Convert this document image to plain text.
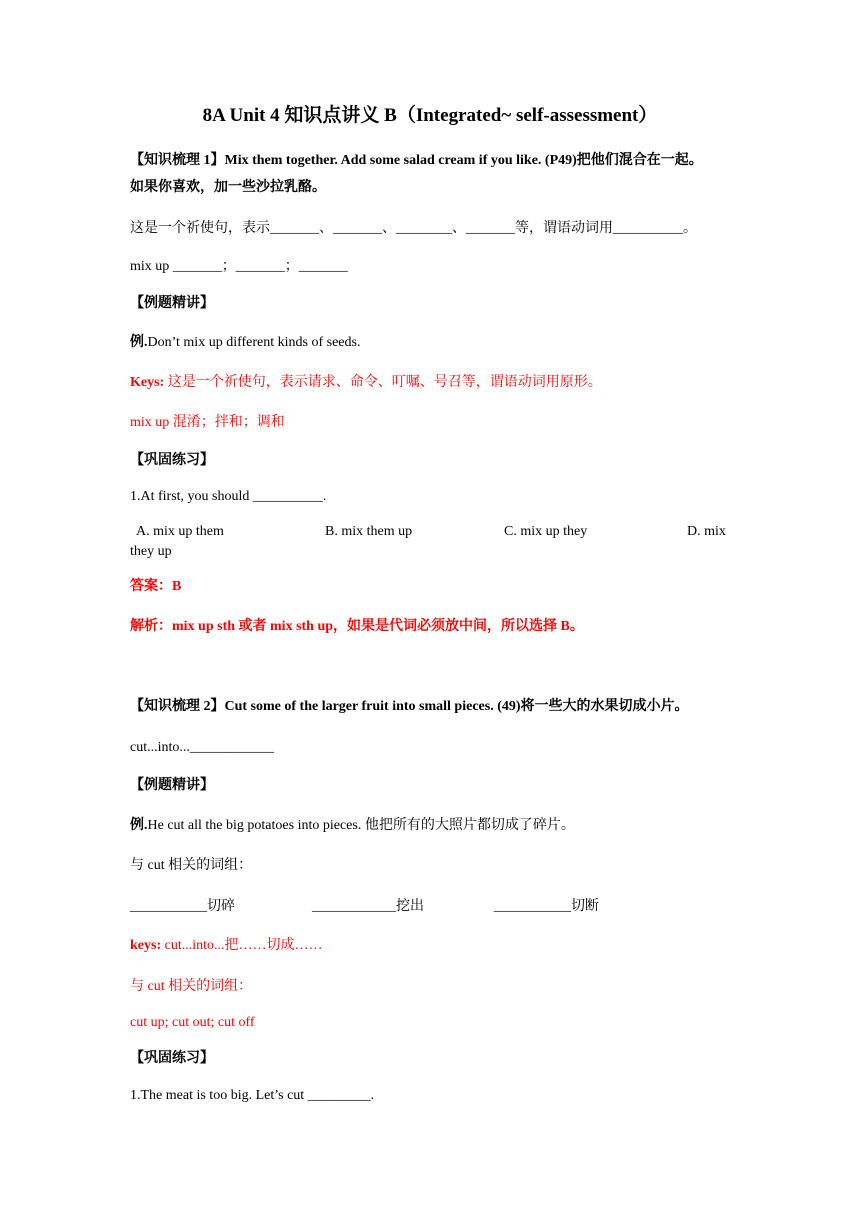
8A Unit 4 知识点讲义 B（Integrated~ self-assessment）
【知识梳理 1】Mix them together. Add some salad cream if you like. (P49)把他们混合在一起。
如果你喜欢，加一些沙拉乳酪。
这是一个祈使句，表示_______、_______、________、_______等，谓语动词用__________。
mix up _______；_______；_______
【例题精讲】
例.Don’t mix up different kinds of seeds.
Keys: 这是一个祈使句，表示请求、命令、叮嘱、号召等，谓语动词用原形。
mix up 混淆；拌和；调和
【巩固练习】
1.At first, you should __________.
A. mix up them	B. mix them up	C. mix up they	D. mix
they up
答案：B
解析：mix up sth 或者 mix sth up，如果是代词必须放中间，所以选择 B。
【知识梳理 2】Cut some of the larger fruit into small pieces. (49)将一些大的水果切成小片。
cut...into...____________
【例题精讲】
例.He cut all the big potatoes into pieces. 他把所有的大照片都切成了碎片。
与 cut 相关的词组：
___________切碎	____________挖出	___________切断
keys: cut...into...把……切成……
与 cut 相关的词组：
cut up; cut out; cut off
【巩固练习】
1.The meat is too big. Let’s cut _________.
